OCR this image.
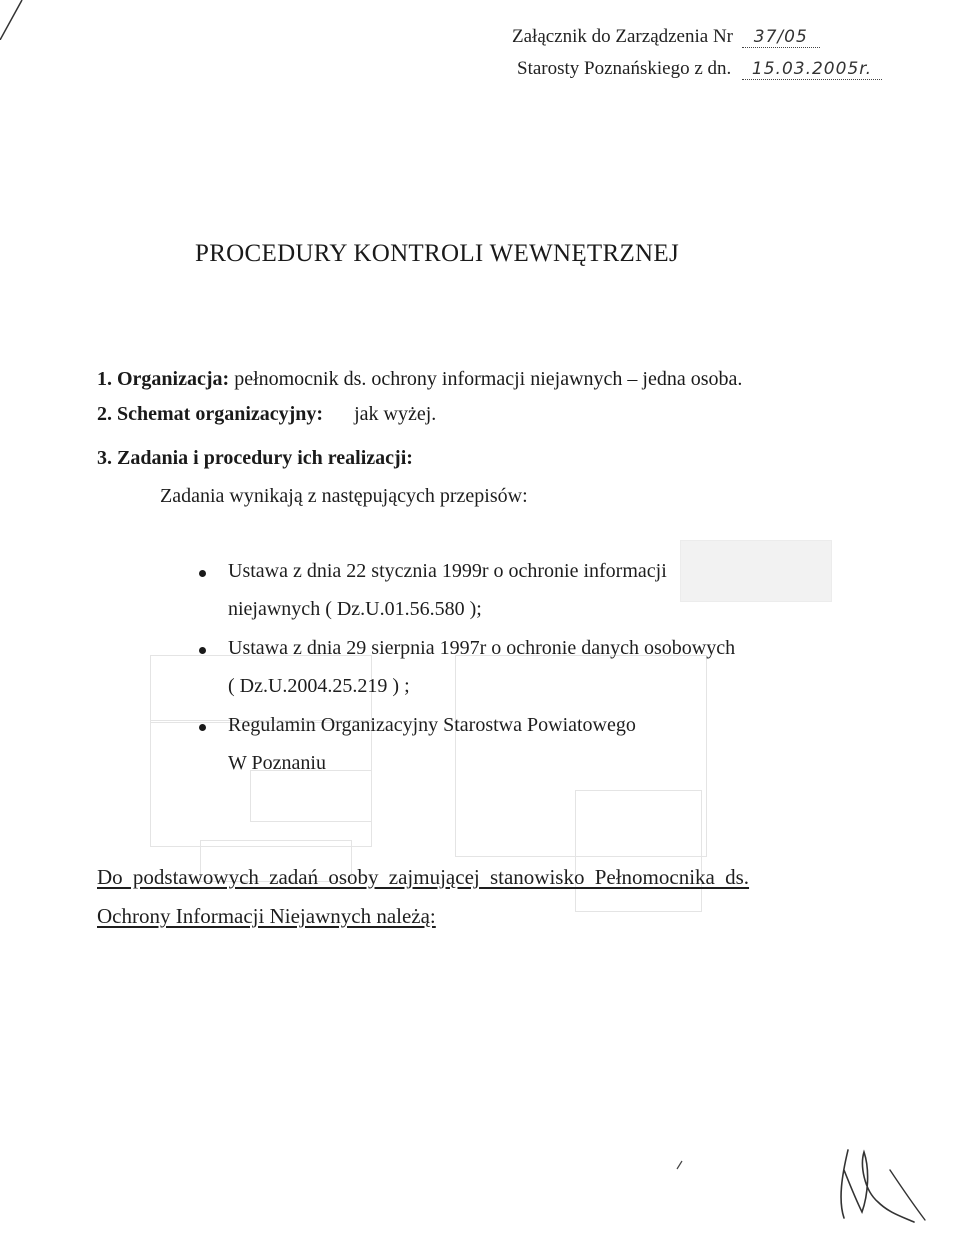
Załącznik do Zarządzenia Nr 37/05
Starosty Poznańskiego z dn. 15.03.2005r.
PROCEDURY KONTROLI WEWNĘTRZNEJ
1. Organizacja: pełnomocnik ds. ochrony informacji niejawnych – jedna osoba.
2. Schemat organizacyjny: jak wyżej.
3. Zadania i procedury ich realizacji:
Zadania wynikają z następujących przepisów:
Ustawa z dnia 22 stycznia 1999r o ochronie informacji
niejawnych ( Dz.U.01.56.580 );
Ustawa z dnia 29 sierpnia 1997r o ochronie danych osobowych
( Dz.U.2004.25.219 ) ;
Regulamin Organizacyjny Starostwa Powiatowego
W Poznaniu
Do podstawowych zadań osoby zajmującej stanowisko Pełnomocnika ds.
Ochrony Informacji Niejawnych należą:
